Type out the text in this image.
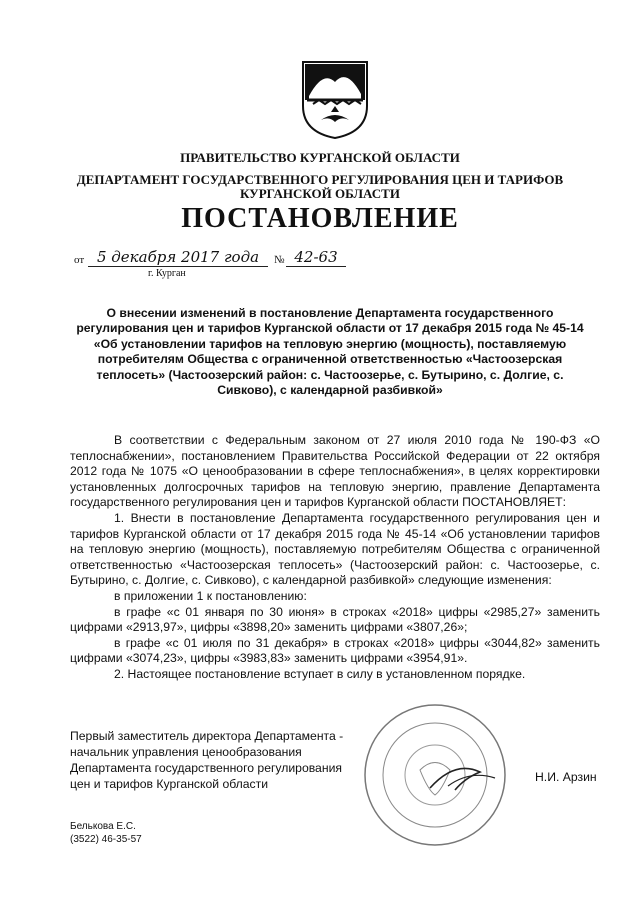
ПРАВИТЕЛЬСТВО КУРГАНСКОЙ ОБЛАСТИ
ДЕПАРТАМЕНТ ГОСУДАРСТВЕННОГО РЕГУЛИРОВАНИЯ ЦЕН И ТАРИФОВ
КУРГАНСКОЙ ОБЛАСТИ
ПОСТАНОВЛЕНИЕ
от 5 декабря 2017 года	№ 42-63
г. Курган
О внесении изменений в постановление Департамента государственного регулирования цен и тарифов Курганской области от 17 декабря 2015 года № 45-14 «Об установлении тарифов на тепловую энергию (мощность), поставляемую потребителям Общества с ограниченной ответственностью «Частоозерская теплосеть» (Частоозерский район: с. Частоозерье, с. Бутырино, с. Долгие, с. Сивково), с календарной разбивкой»

В соответствии с Федеральным законом от 27 июля 2010 года № 190-ФЗ «О теплоснабжении», постановлением Правительства Российской Федерации от 22 октября 2012 года № 1075 «О ценообразовании в сфере теплоснабжения», в целях корректировки установленных долгосрочных тарифов на тепловую энергию, правление Департамента государственного регулирования цен и тарифов Курганской области ПОСТАНОВЛЯЕТ:

1. Внести в постановление Департамента государственного регулирования цен и тарифов Курганской области от 17 декабря 2015 года № 45-14 «Об установлении тарифов на тепловую энергию (мощность), поставляемую потребителям Общества с ограниченной ответственностью «Частоозерская теплосеть» (Частоозерский район: с. Частоозерье, с. Бутырино, с. Долгие, с. Сивково), с календарной разбивкой» следующие изменения:

в приложении 1 к постановлению:

в графе «с 01 января по 30 июня» в строках «2018» цифры «2985,27» заменить цифрами «2913,97», цифры «3898,20» заменить цифрами «3807,26»;

в графе «с 01 июля по 31 декабря» в строках «2018» цифры «3044,82» заменить цифрами «3074,23», цифры «3983,83» заменить цифрами «3954,91».

2. Настоящее постановление вступает в силу в установленном порядке.

Первый заместитель директора Департамента -
начальник управления ценообразования
Департамента государственного регулирования
цен и тарифов Курганской области	Н.И. Арзин
Белькова Е.С.
(3522) 46-35-57
